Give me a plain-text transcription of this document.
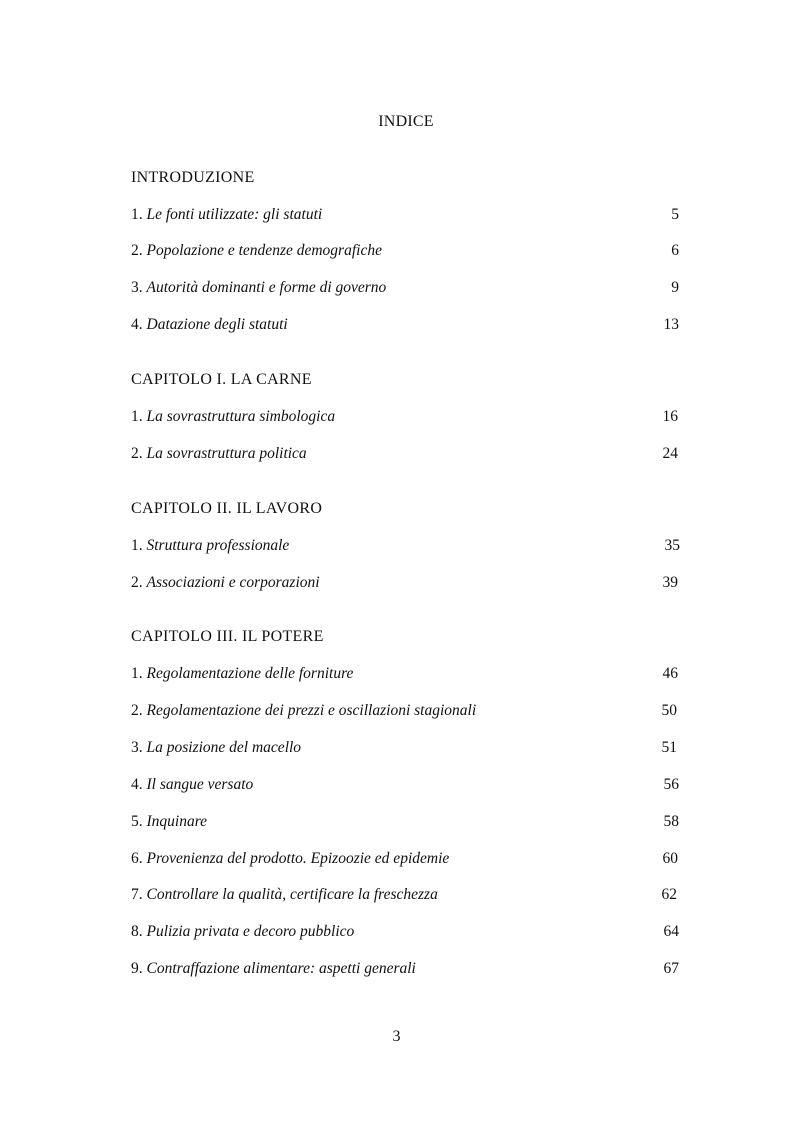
INDICE
INTRODUZIONE
1. Le fonti utilizzate: gli statuti	5
2. Popolazione e tendenze demografiche	6
3. Autorità dominanti e forme di governo	9
4. Datazione degli statuti	13
CAPITOLO I. LA CARNE
1. La sovrastruttura simbologica	16
2. La sovrastruttura politica	24
CAPITOLO II. IL LAVORO
1. Struttura professionale	35
2. Associazioni e corporazioni	39
CAPITOLO III. IL POTERE
1. Regolamentazione delle forniture	46
2. Regolamentazione dei prezzi e oscillazioni stagionali	50
3. La posizione del macello	51
4. Il sangue versato	56
5. Inquinare	58
6. Provenienza del prodotto. Epizoozie ed epidemie	60
7. Controllare la qualità, certificare la freschezza	62
8. Pulizia privata e decoro pubblico	64
9. Contraffazione alimentare: aspetti generali	67
3
